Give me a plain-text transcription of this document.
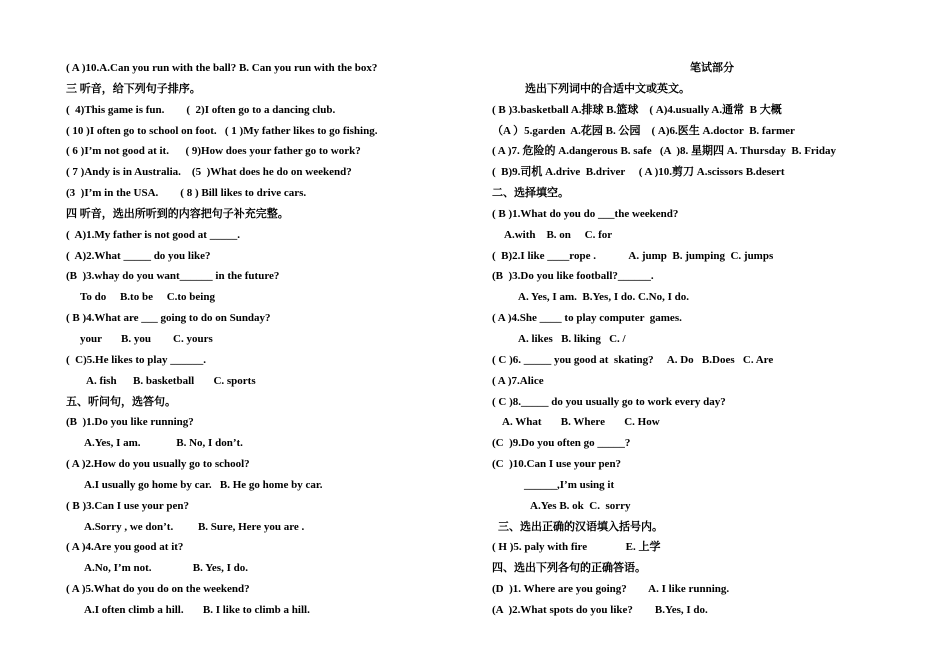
( A )10.A.Can you run with the ball? B. Can you run with the box?
三 听音，给下列句子排序。
(  4)This game is fun.        (  2)I often go to a dancing club.
( 10 )I often go to school on foot.   ( 1 )My father likes to go fishing.
( 6 )I’m not good at it.      ( 9)How does your father go to work?
( 7 )Andy is in Australia.    (5  )What does he do on weekend?
(3  )I’m in the USA.        ( 8 ) Bill likes to drive cars.
四 听音，选出所听到的内容把句子补充完整。
(  A)1.My father is not good at _____.
(  A)2.What _____ do you like?
(B  )3.whay do you want______ in the future?
To do     B.to be     C.to being
( B )4.What are ___ going to do on Sunday?
your       B. you        C. yours
(  C)5.He likes to play ______.
A. fish      B. basketball       C. sports
五、听问句，选答句。
(B  )1.Do you like running?
A.Yes, I am.             B. No, I don’t.
( A )2.How do you usually go to school?
A.I usually go home by car.   B. He go home by car.
( B )3.Can I use your pen?
A.Sorry , we don’t.         B. Sure, Here you are .
( A )4.Are you good at it?
A.No, I’m not.               B. Yes, I do.
( A )5.What do you do on the weekend?
A.I often climb a hill.       B. I like to climb a hill.
笔试部分
选出下列词中的合适中文或英文。
( B )3.basketball A.排球 B.篮球    ( A)4.usually A.通常  B 大概
（A ）5.garden  A.花园 B. 公园    ( A)6.医生 A.doctor  B. farmer
( A )7. 危险的 A.dangerous B. safe   (A  )8. 星期四 A. Thursday  B. Friday
(  B)9.司机 A.drive  B.driver     ( A )10.剪刀 A.scissors B.desert
二、选择填空。
( B )1.What do you do ___the weekend?
A.with    B. on     C. for
(  B)2.I like ____rope .            A. jump  B. jumping  C. jumps
(B  )3.Do you like football?______.
A. Yes, I am.  B.Yes, I do. C.No, I do.
( A )4.She ____ to play computer  games.
A. likes   B. liking   C. /
( C )6. _____ you good at  skating?     A. Do   B.Does   C. Are
( A )7.Alice
( C )8._____ do you usually go to work every day?
A. What       B. Where       C. How
(C  )9.Do you often go _____?
(C  )10.Can I use your pen?
______,I’m using it
A.Yes B. ok  C.  sorry
三、选出正确的汉语填入括号内。
( H )5. paly with fire              E. 上学
四、选出下列各句的正确答语。
(D  )1. Where are you going?        A. I like running.
(A  )2.What spots do you like?        B.Yes, I do.
